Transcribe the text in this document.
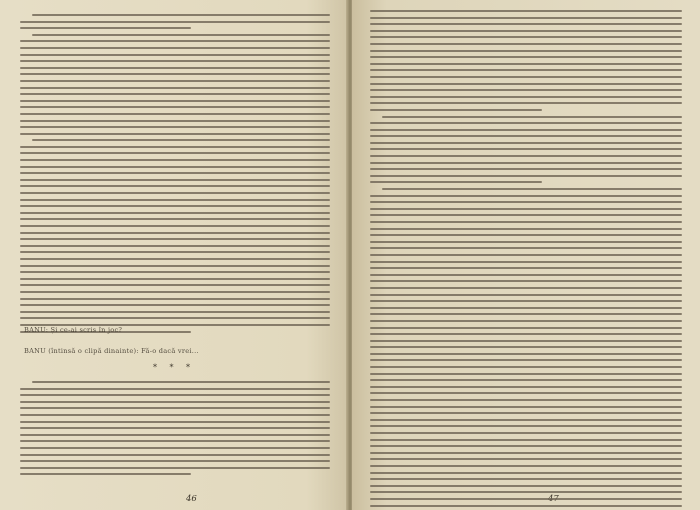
BANU: Și ce-ai scris în joc?
BANU (întinsă o clipă dinainte): Fă-o dacă vrei...
* * *
46
